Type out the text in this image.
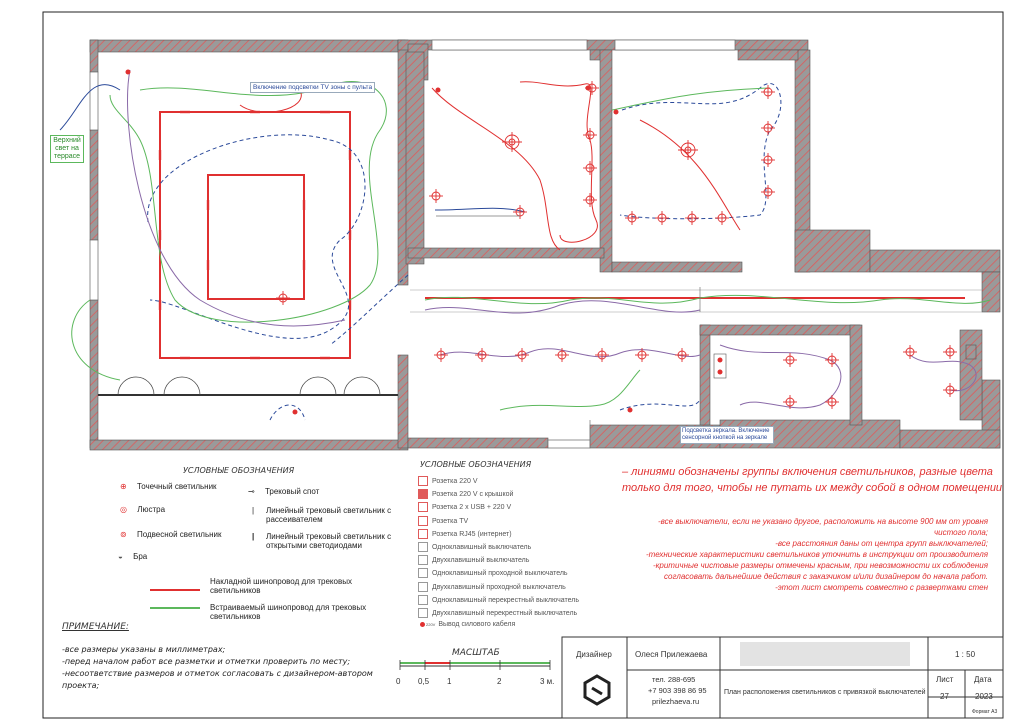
Включение подсветки TV зоны с пульта
Верхний свет на террасе
Подсветка зеркала. Включение сенсорной кнопкой на зеркале
УСЛОВНЫЕ ОБОЗНАЧЕНИЯ
⊕ Точечный светильник
◎ Люстра
⊚ Подвесной светильник
◒ Бра
⊸ Трековый спот
| Линейный трековый светильник с рассеивателем
| Линейный трековый светильник с открытыми светодиодами
Накладной шинопровод для трековых светильников
Встраиваемый шинопровод для трековых светильников
ПРИМЕЧАНИЕ:
-все размеры указаны в миллиметрах;
-перед началом работ все разметки и отметки проверить по месту;
-несоответствие размеров и отметок согласовать с дизайнером-автором
проекта;
УСЛОВНЫЕ ОБОЗНАЧЕНИЯ
Розетка 220 V
Розетка 220 V с крышкой
Розетка 2 x USB + 220 V
Розетка TV
Розетка RJ45 (интернет)
Одноклавишный выключатель
Двухклавишный выключатель
Одноклавишный проходной выключатель
Двухклавишный проходной выключатель
Одноклавишный перекрестный выключатель
Двухклавишный перекрестный выключатель
220V Вывод силового кабеля
МАСШТАБ
0 0,5 1	2	3 м.
– линиями обозначены группы включения светильников, разные цвета
только для того, чтобы не путать их между собой в одном помещении
-все выключатели, если не указано другое, расположить на высоте 900 мм от уровня
чистого пола;
-все расстояния даны от центра групп выключателей;
-технические характеристики светильников уточнить в инструкции от производителя
-критичные чистовые размеры отмечены красным, при невозможности их соблюдения
согласовать дальнейшие действия с заказчиком и/или дизайнером до начала работ.
-этот лист смотреть совместно с развертками стен
Дизайнер	Олеся Прилежаева
тел. 288-695
+7 903 398 86 95
prilezhaeva.ru
План расположения светильников с привязкой выключателей
1 : 50
Лист	Дата
27	2023
Формат А3
